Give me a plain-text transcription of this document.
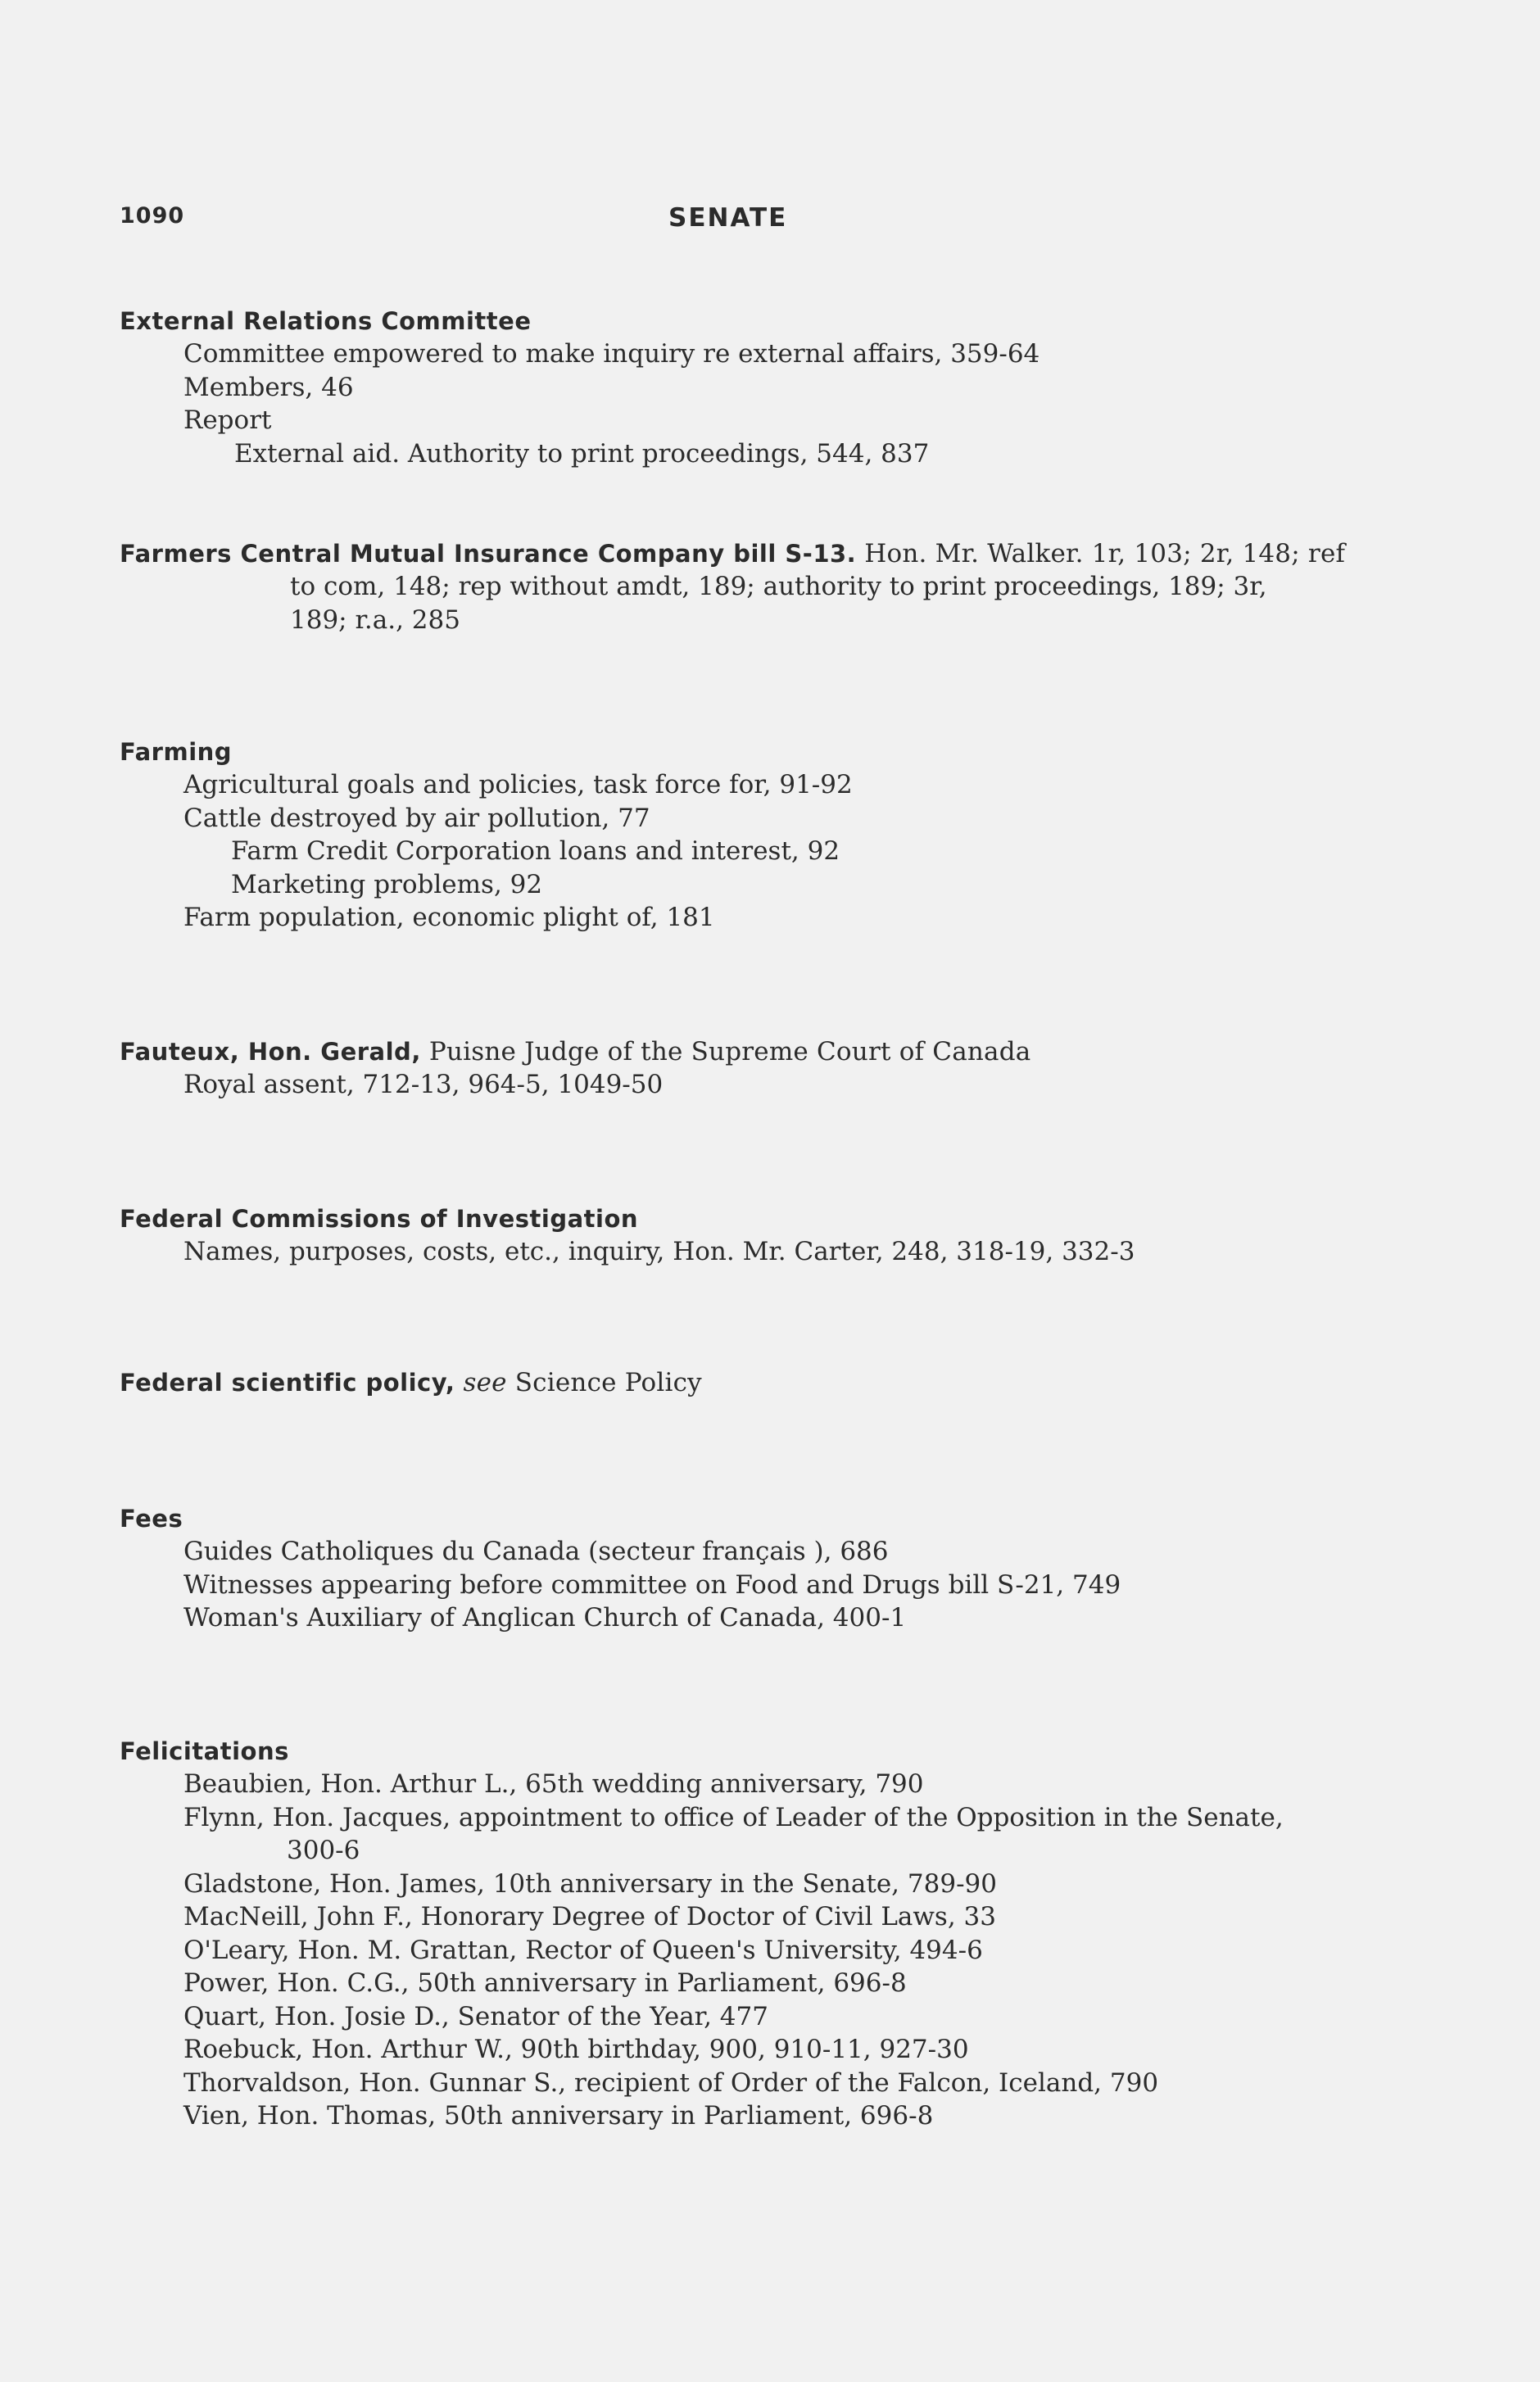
1090	SENATE
External Relations Committee
Committee empowered to make inquiry re external affairs, 359-64
Members, 46
Report
External aid. Authority to print proceedings, 544, 837
Farmers Central Mutual Insurance Company bill S-13. Hon. Mr. Walker. 1r, 103; 2r, 148; ref
to com, 148; rep without amdt, 189; authority to print proceedings, 189; 3r,
189; r.a., 285
Farming
Agricultural goals and policies, task force for, 91-92
Cattle destroyed by air pollution, 77
Farm Credit Corporation loans and interest, 92
Marketing problems, 92
Farm population, economic plight of, 181
Fauteux, Hon. Gerald, Puisne Judge of the Supreme Court of Canada
Royal assent, 712-13, 964-5, 1049-50
Federal Commissions of Investigation
Names, purposes, costs, etc., inquiry, Hon. Mr. Carter, 248, 318-19, 332-3
Federal scientific policy, see Science Policy
Fees
Guides Catholiques du Canada (secteur français ), 686
Witnesses appearing before committee on Food and Drugs bill S-21, 749
Woman's Auxiliary of Anglican Church of Canada, 400-1
Felicitations
Beaubien, Hon. Arthur L., 65th wedding anniversary, 790
Flynn, Hon. Jacques, appointment to office of Leader of the Opposition in the Senate,
300-6
Gladstone, Hon. James, 10th anniversary in the Senate, 789-90
MacNeill, John F., Honorary Degree of Doctor of Civil Laws, 33
O'Leary, Hon. M. Grattan, Rector of Queen's University, 494-6
Power, Hon. C.G., 50th anniversary in Parliament, 696-8
Quart, Hon. Josie D., Senator of the Year, 477
Roebuck, Hon. Arthur W., 90th birthday, 900, 910-11, 927-30
Thorvaldson, Hon. Gunnar S., recipient of Order of the Falcon, Iceland, 790
Vien, Hon. Thomas, 50th anniversary in Parliament, 696-8
